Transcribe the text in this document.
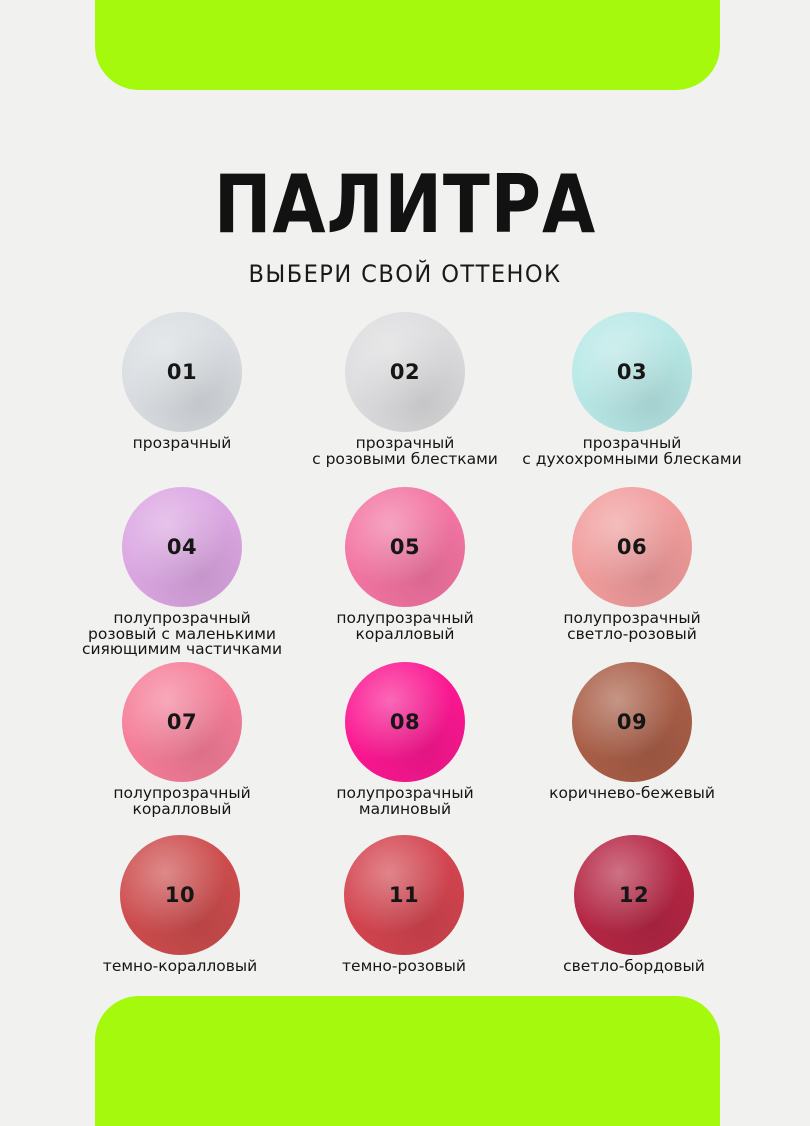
ПАЛИТРА
ВЫБЕРИ СВОЙ ОТТЕНОК
01
прозрачный
02
прозрачный
с розовыми блестками
03
прозрачный
с духохромными блесками
04
полупрозрачный
розовый с маленькими
сияющимим частичками
05
полупрозрачный
коралловый
06
полупрозрачный
светло-розовый
07
полупрозрачный
коралловый
08
полупрозрачный
малиновый
09
коричнево-бежевый
10
темно-коралловый
11
темно-розовый
12
светло-бордовый
